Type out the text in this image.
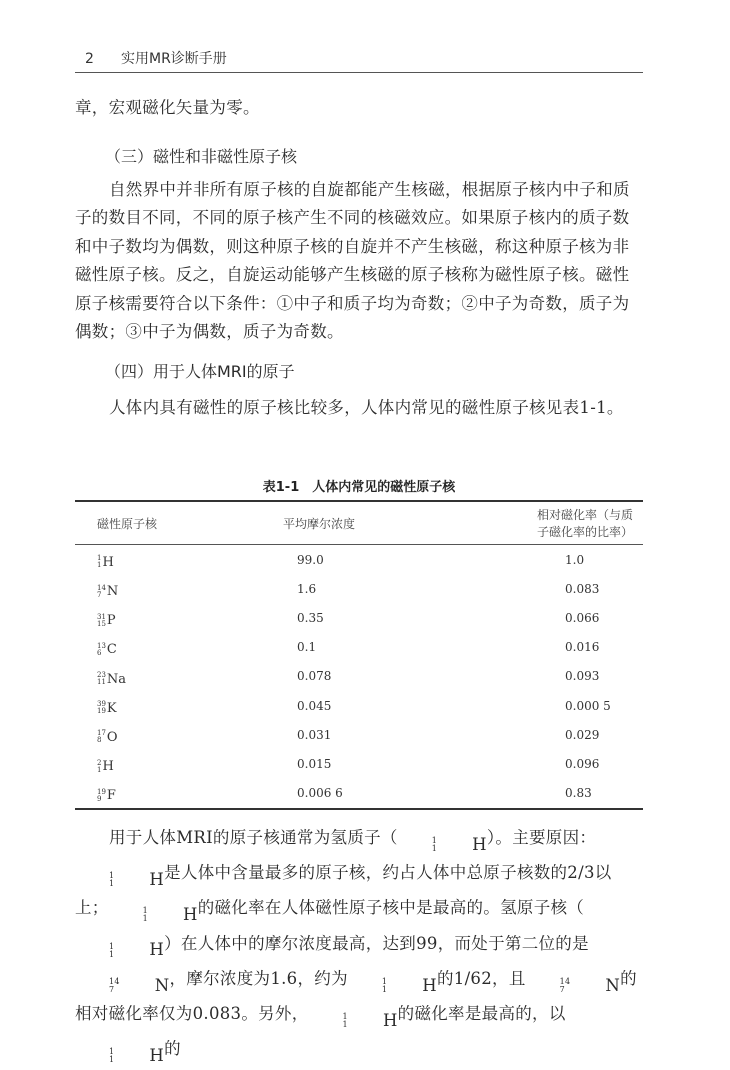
2 实用MR诊断手册

章，宏观磁化矢量为零。

（三）磁性和非磁性原子核

自然界中并非所有原子核的自旋都能产生核磁，根据原子核内中子和质子的数目不同，不同的原子核产生不同的核磁效应。如果原子核内的质子数和中子数均为偶数，则这种原子核的自旋并不产生核磁，称这种原子核为非磁性原子核。反之，自旋运动能够产生核磁的原子核称为磁性原子核。磁性原子核需要符合以下条件：①中子和质子均为奇数；②中子为奇数，质子为偶数；③中子为偶数，质子为奇数。

（四）用于人体MRI的原子

人体内具有磁性的原子核比较多，人体内常见的磁性原子核见表1-1。

表1-1　人体内常见的磁性原子核
磁性原子核	平均摩尔浓度	相对磁化率（与质子磁化率的比率）

1
1 H	99.0	1.0

14
7 N	1.6	0.083

31
15 P	0.35	0.066

13
6 C	0.1	0.016

23
11 Na	0.078	0.093

39
19 K	0.045	0.000 5

17
8 O	0.031	0.029

2
1 H	0.015	0.096

19
9 F	0.006 6	0.83

用于人体MRI的原子核通常为氢质子（	1
1	H ）。主要原因：
1
1	H 是人体中含量最多的原子核，约占人体中总原子核数的2/3以上；	1
1	H 的磁化率在人体磁性原子核中是最高的。氢原子核（
1
1	H ）在人体中的摩尔浓度最高，达到99，而处于第二位的是
14
7	N ，摩尔浓度为1.6，约为	1
1	H 的1/62，且	14
7	N 的相对磁化率仅为0.083。另外，	1
1	H 的磁化率是最高的，以
1
1	H 的
